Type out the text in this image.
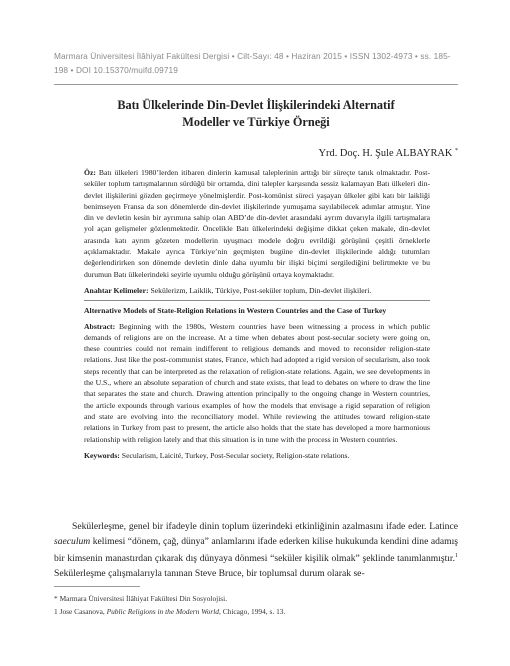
Marmara Üniversitesi İlâhiyat Fakültesi Dergisi • Cilt-Sayı: 48 • Haziran 2015 • ISSN 1302-4973 • ss. 185-198 • DOI 10.15370/muifd.09719
Batı Ülkelerinde Din-Devlet İlişkilerindeki Alternatif
Modeller ve Türkiye Örneği
Yrd. Doç. H. Şule ALBAYRAK *

Öz: Batı ülkeleri 1980’lerden itibaren dinlerin kamusal taleplerinin arttığı bir süreçte tanık olmaktadır. Post-seküler toplum tartışmalarının sürdüğü bir ortamda, dini talepler karşısında sessiz kalamayan Batı ülkeleri din-devlet ilişkilerini gözden geçirmeye yönelmişlerdir. Post-komünist süreci yaşayan ülkeler gibi katı bir laikliği benimseyen Fransa da son dönemlerde din-devlet ilişkilerinde yumuşama sayılabilecek adımlar atmıştır. Yine din ve devletin kesin bir ayrımına sahip olan ABD’de din-devlet arasındaki ayrım duvarıyla ilgili tartışmalara yol açan gelişmeler gözlenmektedir. Öncelikle Batı ülkelerindeki değişime dikkat çeken makale, din-devlet arasında katı ayrım gözeten modellerin uyuşmacı modele doğru evrildiği görüşünü çeşitli örneklerle açıklamaktadır. Makale ayrıca Türkiye’nin geçmişten bugüne din-devlet ilişkilerinde aldığı tutumları değerlendirirken son dönemde devletin dinle daha uyumlu bir ilişki biçimi sergilediğini belirtmekte ve bu durumun Batı ülkelerindeki seyirle uyumlu olduğu görüşünü ortaya koymaktadır.

Anahtar Kelimeler: Sekülerizm, Laiklik, Türkiye, Post-seküler toplum, Din-devlet ilişkileri.

Alternative Models of State-Religion Relations in Western Countries and the Case of Turkey

Abstract: Beginning with the 1980s, Western countries have been witnessing a process in which public demands of religions are on the increase. At a time when debates about post-secular society were going on, these countries could not remain indifferent to religious demands and moved to reconsider religion-state relations. Just like the post-communist states, France, which had adopted a rigid version of secularism, also took steps recently that can be interpreted as the relaxation of religion-state relations. Again, we see developments in the U.S., where an absolute separation of church and state exists, that lead to debates on where to draw the line that separates the state and church. Drawing attention principally to the ongoing change in Western countries, the article expounds through various examples of how the models that envisage a rigid separation of religion and state are evolving into the reconciliatory model. While reviewing the attitudes toward religion-state relations in Turkey from past to present, the article also holds that the state has developed a more harmonious relationship with religion lately and that this situation is in tune with the process in Western countries.

Keywords: Secularism, Laicité, Turkey, Post-Secular society, Religion-state relations.

Sekülerleşme, genel bir ifadeyle dinin toplum üzerindeki etkinliğinin azalmasını ifade eder. Latince saeculum kelimesi “dönem, çağ, dünya” anlamlarını ifade ederken kilise hukukunda kendini dine adamış bir kimsenin manastırdan çıkarak dış dünyaya dönmesi “seküler kişilik olmak” şeklinde tanımlanmıştır.$^1$ Sekülerleşme çalışmalarıyla tanınan Steve Bruce, bir toplumsal durum olarak se-

* Marmara Üniversitesi İlâhiyat Fakültesi Din Sosyolojisi.

1 Jose Casanova, Public Religions in the Modern World, Chicago, 1994, s. 13.
